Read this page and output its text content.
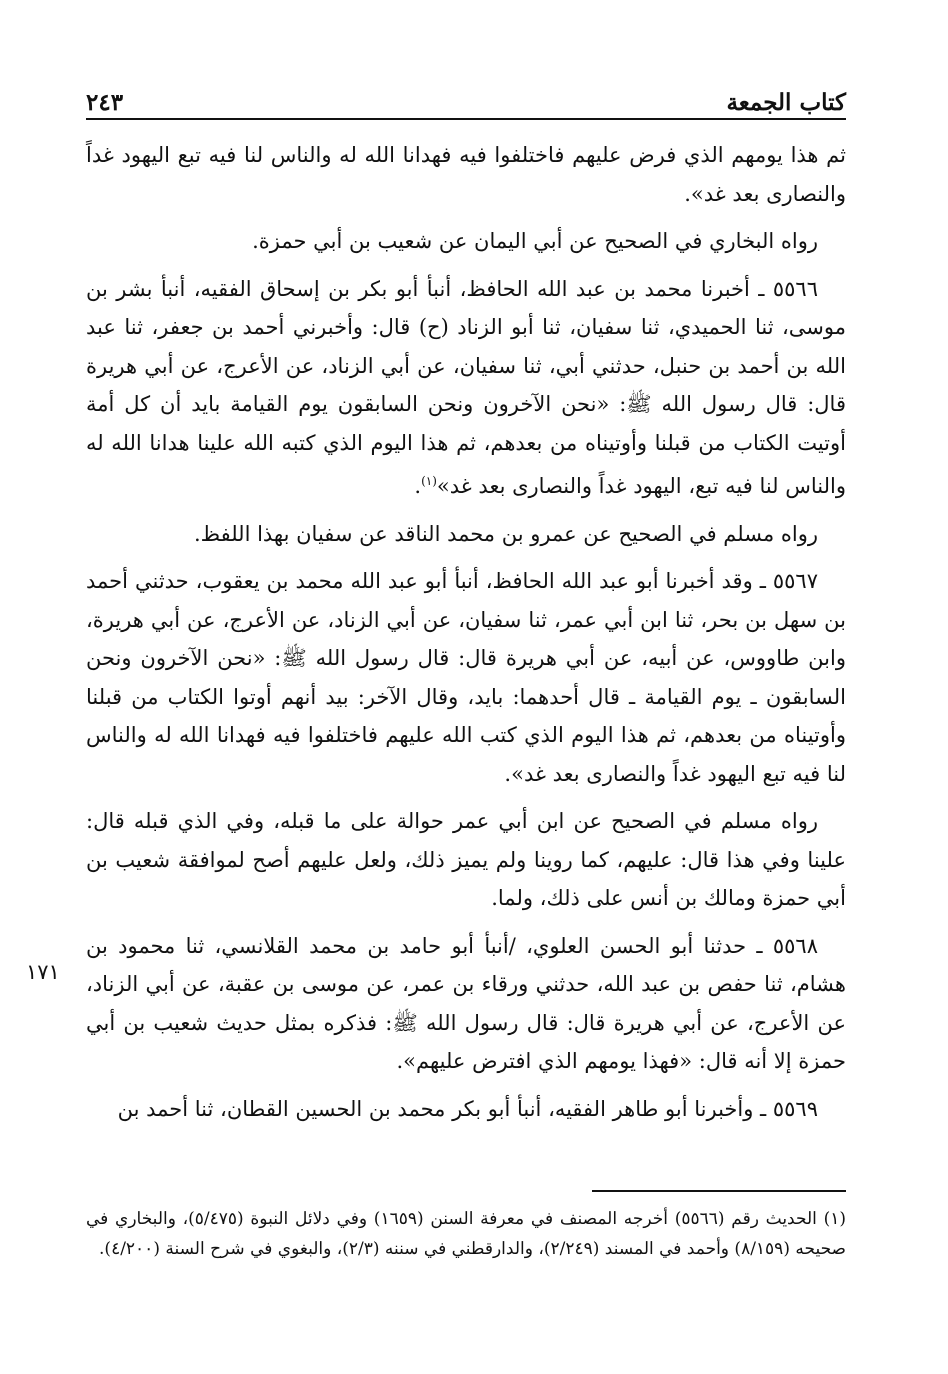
كتاب الجمعة
٢٤٣
١٧١

ثم هذا يومهم الذي فرض عليهم فاختلفوا فيه فهدانا الله له والناس لنا فيه تبع اليهود غداً والنصارى بعد غد».

رواه البخاري في الصحيح عن أبي اليمان عن شعيب بن أبي حمزة.

٥٥٦٦ ـ أخبرنا محمد بن عبد الله الحافظ، أنبأ أبو بكر بن إسحاق الفقيه، أنبأ بشر بن موسى، ثنا الحميدي، ثنا سفيان، ثنا أبو الزناد (ح) قال: وأخبرني أحمد بن جعفر، ثنا عبد الله بن أحمد بن حنبل، حدثني أبي، ثنا سفيان، عن أبي الزناد، عن الأعرج، عن أبي هريرة قال: قال رسول الله ﷺ: «نحن الآخرون ونحن السابقون يوم القيامة بايد أن كل أمة أوتيت الكتاب من قبلنا وأوتيناه من بعدهم، ثم هذا اليوم الذي كتبه الله علينا هدانا الله له والناس لنا فيه تبع، اليهود غداً والنصارى بعد غد»$^{(١)}$.

رواه مسلم في الصحيح عن عمرو بن محمد الناقد عن سفيان بهذا اللفظ.

٥٥٦٧ ـ وقد أخبرنا أبو عبد الله الحافظ، أنبأ أبو عبد الله محمد بن يعقوب، حدثني أحمد بن سهل بن بحر، ثنا ابن أبي عمر، ثنا سفيان، عن أبي الزناد، عن الأعرج، عن أبي هريرة، وابن طاووس، عن أبيه، عن أبي هريرة قال: قال رسول الله ﷺ: «نحن الآخرون ونحن السابقون ـ يوم القيامة ـ قال أحدهما: بايد، وقال الآخر: بيد أنهم أوتوا الكتاب من قبلنا وأوتيناه من بعدهم، ثم هذا اليوم الذي كتب الله عليهم فاختلفوا فيه فهدانا الله له والناس لنا فيه تبع اليهود غداً والنصارى بعد غد».

رواه مسلم في الصحيح عن ابن أبي عمر حوالة على ما قبله، وفي الذي قبله قال: علينا وفي هذا قال: عليهم، كما روينا ولم يميز ذلك، ولعل عليهم أصح لموافقة شعيب بن أبي حمزة ومالك بن أنس على ذلك، ولما.

٥٥٦٨ ـ حدثنا أبو الحسن العلوي، /أنبأ أبو حامد بن محمد القلانسي، ثنا محمود بن هشام، ثنا حفص بن عبد الله، حدثني ورقاء بن عمر، عن موسى بن عقبة، عن أبي الزناد، عن الأعرج، عن أبي هريرة قال: قال رسول الله ﷺ: فذكره بمثل حديث شعيب بن أبي حمزة إلا أنه قال: «فهذا يومهم الذي افترض عليهم».

٥٥٦٩ ـ وأخبرنا أبو طاهر الفقيه، أنبأ أبو بكر محمد بن الحسين القطان، ثنا أحمد بن

(١) الحديث رقم (٥٥٦٦) أخرجه المصنف في معرفة السنن (١٦٥٩) وفي دلائل النبوة (٥/٤٧٥)، والبخاري في صحيحه (٨/١٥٩) وأحمد في المسند (٢/٢٤٩)، والدارقطني في سننه (٢/٣)، والبغوي في شرح السنة (٤/٢٠٠).
